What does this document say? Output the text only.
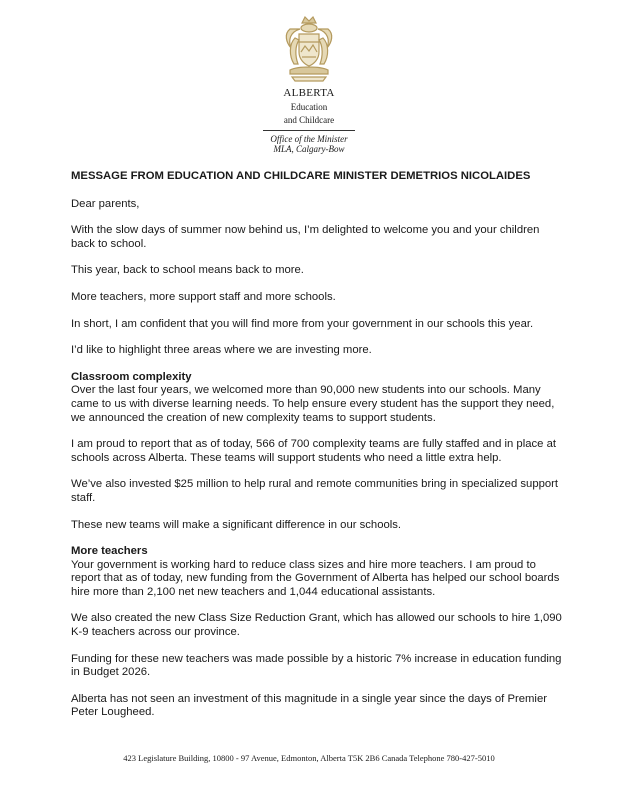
ALBERTA
Education
and Childcare
Office of the Minister
MLA, Calgary-Bow
MESSAGE FROM EDUCATION AND CHILDCARE MINISTER DEMETRIOS NICOLAIDES

Dear parents,

With the slow days of summer now behind us, I’m delighted to welcome you and your children back to school.

This year, back to school means back to more.

More teachers, more support staff and more schools.

In short, I am confident that you will find more from your government in our schools this year.

I’d like to highlight three areas where we are investing more.

Classroom complexity

Over the last four years, we welcomed more than 90,000 new students into our schools. Many came to us with diverse learning needs. To help ensure every student has the support they need, we announced the creation of new complexity teams to support students.

I am proud to report that as of today, 566 of 700 complexity teams are fully staffed and in place at schools across Alberta. These teams will support students who need a little extra help.

We’ve also invested $25 million to help rural and remote communities bring in specialized support staff.

These new teams will make a significant difference in our schools.

More teachers

Your government is working hard to reduce class sizes and hire more teachers. I am proud to report that as of today, new funding from the Government of Alberta has helped our school boards hire more than 2,100 net new teachers and 1,044 educational assistants.

We also created the new Class Size Reduction Grant, which has allowed our schools to hire 1,090 K-9 teachers across our province.

Funding for these new teachers was made possible by a historic 7% increase in education funding in Budget 2026.

Alberta has not seen an investment of this magnitude in a single year since the days of Premier Peter Lougheed.

423 Legislature Building, 10800 - 97 Avenue, Edmonton, Alberta T5K 2B6 Canada Telephone 780-427-5010
